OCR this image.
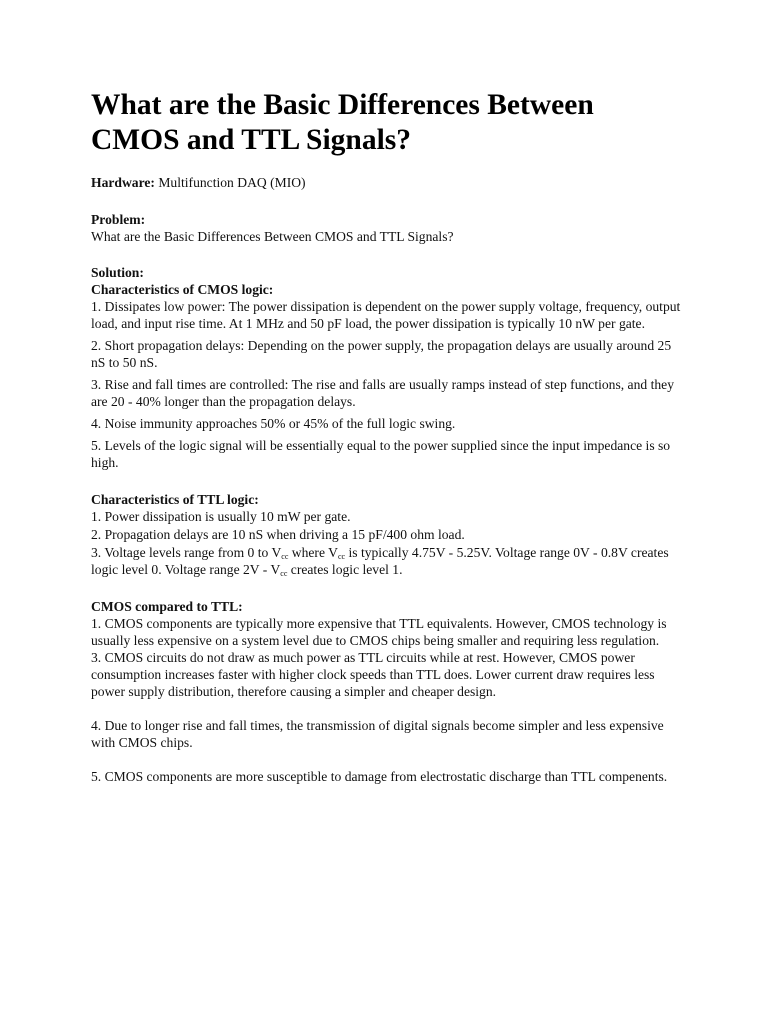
What are the Basic Differences Between
CMOS and TTL Signals?

Hardware: Multifunction DAQ (MIO)

Problem:

What are the Basic Differences Between CMOS and TTL Signals?

Solution:

Characteristics of CMOS logic:

1. Dissipates low power: The power dissipation is dependent on the power supply voltage, frequency, output load, and input rise time. At 1 MHz and 50 pF load, the power dissipation is typically 10 nW per gate.

2. Short propagation delays: Depending on the power supply, the propagation delays are usually around 25 nS to 50 nS.

3. Rise and fall times are controlled: The rise and falls are usually ramps instead of step functions, and they are 20 - 40% longer than the propagation delays.

4. Noise immunity approaches 50% or 45% of the full logic swing.

5. Levels of the logic signal will be essentially equal to the power supplied since the input impedance is so high.

Characteristics of TTL logic:

1. Power dissipation is usually 10 mW per gate.

2. Propagation delays are 10 nS when driving a 15 pF/400 ohm load.

3. Voltage levels range from 0 to $V_{cc}$ where $V_{cc}$ is typically 4.75V - 5.25V. Voltage range 0V - 0.8V creates logic level 0. Voltage range $2V - V_{cc}$ creates logic level 1.

CMOS compared to TTL:

1. CMOS components are typically more expensive that TTL equivalents. However, CMOS technology is usually less expensive on a system level due to CMOS chips being smaller and requiring less regulation.

3. CMOS circuits do not draw as much power as TTL circuits while at rest. However, CMOS power consumption increases faster with higher clock speeds than TTL does. Lower current draw requires less power supply distribution, therefore causing a simpler and cheaper design.

4. Due to longer rise and fall times, the transmission of digital signals become simpler and less expensive with CMOS chips.

5. CMOS components are more susceptible to damage from electrostatic discharge than TTL compenents.
